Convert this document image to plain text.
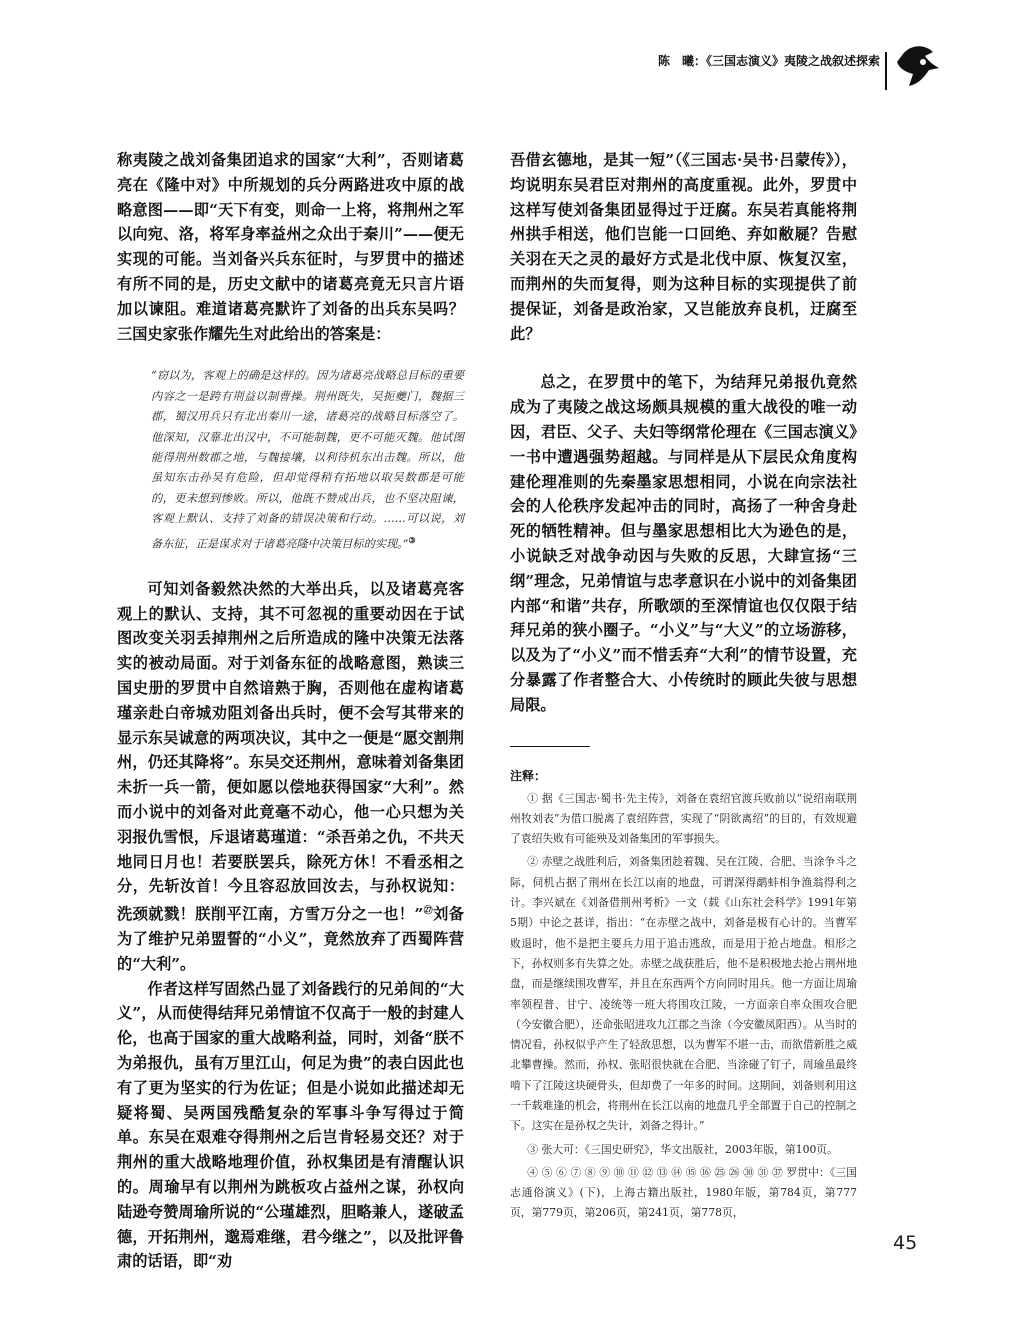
陈　曦：《三国志演义》夷陵之战叙述探索

称夷陵之战刘备集团追求的国家“大利”，否则诸葛亮在《隆中对》中所规划的兵分两路进攻中原的战略意图——即“天下有变，则命一上将，将荆州之军以向宛、洛，将军身率益州之众出于秦川”——便无实现的可能。当刘备兴兵东征时，与罗贯中的描述有所不同的是，历史文献中的诸葛亮竟无只言片语加以谏阻。难道诸葛亮默许了刘备的出兵东吴吗？三国史家张作耀先生对此给出的答案是：

“窃以为，客观上的确是这样的。因为诸葛亮战略总目标的重要内容之一是跨有荆益以制曹操。荆州既失，吴扼夔门，魏据三郡，蜀汉用兵只有北出秦川一途，诸葛亮的战略目标落空了。他深知，汉靠北出汉中，不可能制魏，更不可能灭魏。他试图能得荆州数郡之地，与魏接壤，以利待机东出击魏。所以，他虽知东击孙吴有危险，但却觉得稍有拓地以取吴数郡是可能的，更未想到惨败。所以，他既不赞成出兵，也不坚决阻谏，客观上默认、支持了刘备的错误决策和行动。……可以说，刘备东征，正是谋求对于诸葛亮隆中决策目标的实现。”③

可知刘备毅然决然的大举出兵，以及诸葛亮客观上的默认、支持，其不可忽视的重要动因在于试图改变关羽丢掉荆州之后所造成的隆中决策无法落实的被动局面。对于刘备东征的战略意图，熟读三国史册的罗贯中自然谙熟于胸，否则他在虚构诸葛瑾亲赴白帝城劝阻刘备出兵时，便不会写其带来的显示东吴诚意的两项决议，其中之一便是“愿交割荆州，仍还其降将”。东吴交还荆州，意味着刘备集团未折一兵一箭，便如愿以偿地获得国家“大利”。然而小说中的刘备对此竟毫不动心，他一心只想为关羽报仇雪恨，斥退诸葛瑾道：“杀吾弟之仇，不共天地同日月也！若要朕罢兵，除死方休！不看丞相之分，先斩汝首！今且容忍放回汝去，与孙权说知：洗颈就戮！朕削平江南，方雪万分之一也！”$^㉗$刘备为了维护兄弟盟誓的“小义”，竟然放弃了西蜀阵营的“大利”。

作者这样写固然凸显了刘备践行的兄弟间的“大义”，从而使得结拜兄弟情谊不仅高于一般的封建人伦，也高于国家的重大战略利益，同时，刘备“朕不为弟报仇，虽有万里江山，何足为贵”的表白因此也有了更为坚实的行为佐证；但是小说如此描述却无疑将蜀、吴两国残酷复杂的军事斗争写得过于简单。东吴在艰难夺得荆州之后岂肯轻易交还？对于荆州的重大战略地理价值，孙权集团是有清醒认识的。周瑜早有以荆州为跳板攻占益州之谋，孙权向陆逊夸赞周瑜所说的“公瑾雄烈，胆略兼人，遂破孟德，开拓荆州，邈焉难继，君今继之”，以及批评鲁肃的话语，即“劝

吾借玄德地，是其一短”（《三国志·吴书·吕蒙传》），均说明东吴君臣对荆州的高度重视。此外，罗贯中这样写使刘备集团显得过于迂腐。东吴若真能将荆州拱手相送，他们岂能一口回绝、弃如敝屣？告慰关羽在天之灵的最好方式是北伐中原、恢复汉室，而荆州的失而复得，则为这种目标的实现提供了前提保证，刘备是政治家，又岂能放弃良机，迂腐至此？

总之，在罗贯中的笔下，为结拜兄弟报仇竟然成为了夷陵之战这场颇具规模的重大战役的唯一动因，君臣、父子、夫妇等纲常伦理在《三国志演义》一书中遭遇强势超越。与同样是从下层民众角度构建伦理准则的先秦墨家思想相同，小说在向宗法社会的人伦秩序发起冲击的同时，高扬了一种舍身赴死的牺牲精神。但与墨家思想相比大为逊色的是，小说缺乏对战争动因与失败的反思，大肆宣扬“三纲”理念，兄弟情谊与忠孝意识在小说中的刘备集团内部“和谐”共存，所歌颂的至深情谊也仅仅限于结拜兄弟的狭小圈子。“小义”与“大义”的立场游移，以及为了“小义”而不惜丢弃“大利”的情节设置，充分暴露了作者整合大、小传统时的顾此失彼与思想局限。

注释：

① 据《三国志·蜀书·先主传》，刘备在袁绍官渡兵败前以“说绍南联荆州牧刘表”为借口脱离了袁绍阵营，实现了“阴欲离绍”的目的，有效规避了袁绍失败有可能殃及刘备集团的军事损失。

② 赤壁之战胜利后，刘备集团趁着魏、吴在江陵、合肥、当涂争斗之际，伺机占据了荆州在长江以南的地盘，可谓深得鹬蚌相争渔翁得利之计。李兴斌在《刘备借荆州考析》一文（载《山东社会科学》1991年第5期）中论之甚详，指出：“在赤壁之战中，刘备是极有心计的。当曹军败退时，他不是把主要兵力用于追击逃敌，而是用于抢占地盘。相形之下，孙权则多有失算之处。赤壁之战获胜后，他不是积极地去抢占荆州地盘，而是继续围攻曹军，并且在东西两个方向同时用兵。他一方面让周瑜率领程普、甘宁、凌统等一班大将围攻江陵，一方面亲自率众围攻合肥（今安徽合肥），还命张昭进攻九江郡之当涂（今安徽凤阳西）。从当时的情况看，孙权似乎产生了轻敌思想，以为曹军不堪一击，而欲借新胜之威北攀曹操。然而，孙权、张昭很快就在合肥、当涂碰了钉子，周瑜虽最终啃下了江陵这块硬骨头，但却费了一年多的时间。这期间，刘备则利用这一千载难逢的机会，将荆州在长江以南的地盘几乎全部置于自己的控制之下。这实在是孙权之失计，刘备之得计。”

③ 张大可：《三国史研究》，华文出版社，2003年版，第100页。

④ ⑤ ⑥ ⑦ ⑧ ⑨ ⑩ ⑪ ⑫ ⑬ ⑭ ⑮ ⑯ ㉕ ㉖ ㉚ ㉛ ㊲ 罗贯中：《三国志通俗演义》(下)，上海古籍出版社，1980年版，第784页，第777页，第779页，第206页，第241页，第778页，

45
